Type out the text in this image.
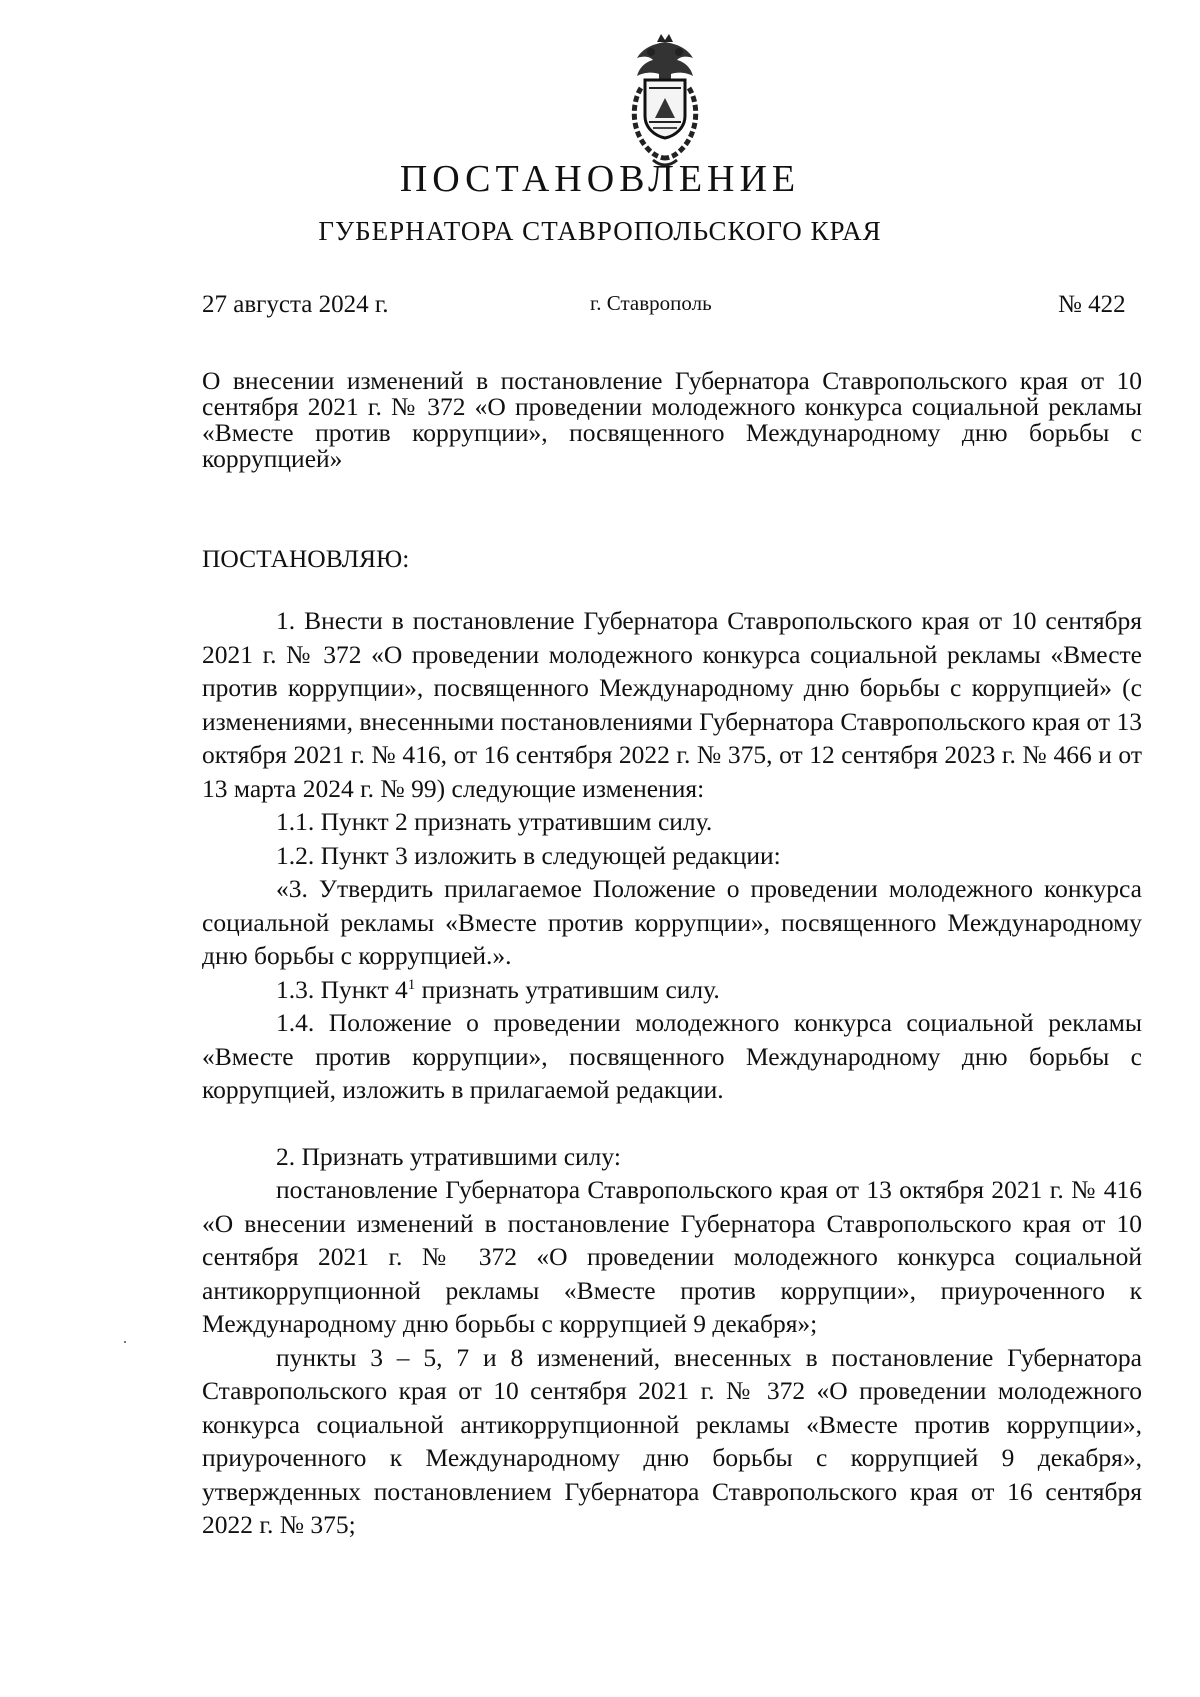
ПОСТАНОВЛЕНИЕ
ГУБЕРНАТОРА СТАВРОПОЛЬСКОГО КРАЯ
27 августа 2024 г.	г. Ставрополь	№ 422
О внесении изменений в постановление Губернатора Ставропольского края от 10 сентября 2021 г. № 372 «О проведении молодежного конкурса социальной рекламы «Вместе против коррупции», посвященного Международному дню борьбы с коррупцией»
ПОСТАНОВЛЯЮ:

1. Внести в постановление Губернатора Ставропольского края от 10 сентября 2021 г. № 372 «О проведении молодежного конкурса социальной рекламы «Вместе против коррупции», посвященного Международному дню борьбы с коррупцией» (с изменениями, внесенными постановлениями Губернатора Ставропольского края от 13 октября 2021 г. № 416, от 16 сентября 2022 г. № 375, от 12 сентября 2023 г. № 466 и от 13 марта 2024 г. № 99) следующие изменения:

1.1. Пункт 2 признать утратившим силу.

1.2. Пункт 3 изложить в следующей редакции:

«3. Утвердить прилагаемое Положение о проведении молодежного конкурса социальной рекламы «Вместе против коррупции», посвященного Международному дню борьбы с коррупцией.».

1.3. Пункт $4^1$ признать утратившим силу.

1.4. Положение о проведении молодежного конкурса социальной рекламы «Вместе против коррупции», посвященного Международному дню борьбы с коррупцией, изложить в прилагаемой редакции.

2. Признать утратившими силу:

постановление Губернатора Ставропольского края от 13 октября 2021 г. № 416 «О внесении изменений в постановление Губернатора Ставропольского края от 10 сентября 2021 г. № 372 «О проведении молодежного конкурса социальной антикоррупционной рекламы «Вместе против коррупции», приуроченного к Международному дню борьбы с коррупцией 9 декабря»;

пункты 3 – 5, 7 и 8 изменений, внесенных в постановление Губернатора Ставропольского края от 10 сентября 2021 г. № 372 «О проведении молодежного конкурса социальной антикоррупционной рекламы «Вместе против коррупции», приуроченного к Международному дню борьбы с коррупцией 9 декабря», утвержденных постановлением Губернатора Ставропольского края от 16 сентября 2022 г. № 375;
